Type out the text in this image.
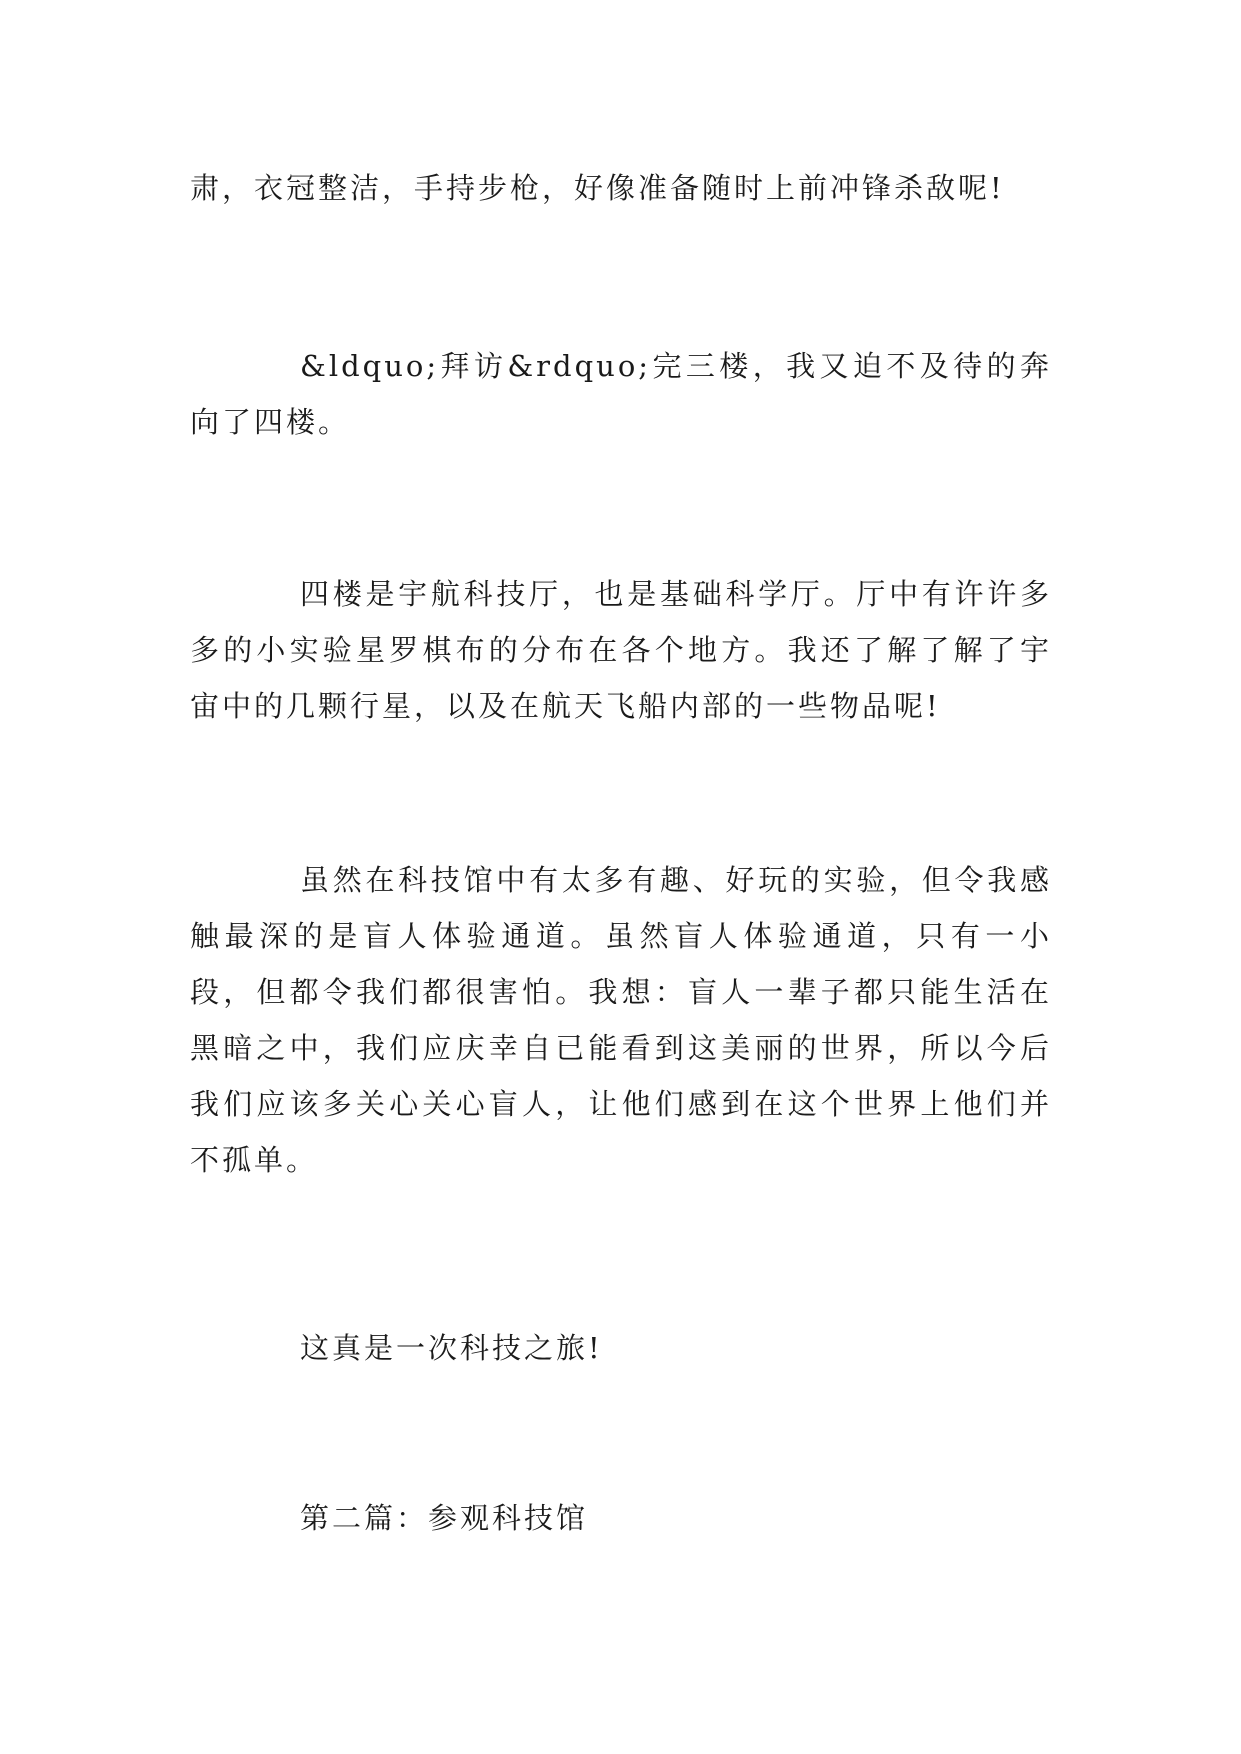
肃，衣冠整洁，手持步枪，好像准备随时上前冲锋杀敌呢!

&ldquo;拜访&rdquo;完三楼，我又迫不及待的奔向了四楼。

四楼是宇航科技厅，也是基础科学厅。厅中有许许多多的小实验星罗棋布的分布在各个地方。我还了解了解了宇宙中的几颗行星，以及在航天飞船内部的一些物品呢!

虽然在科技馆中有太多有趣、好玩的实验，但令我感触最深的是盲人体验通道。虽然盲人体验通道，只有一小段，但都令我们都很害怕。我想：盲人一辈子都只能生活在黑暗之中，我们应庆幸自已能看到这美丽的世界，所以今后我们应该多关心关心盲人，让他们感到在这个世界上他们并不孤单。

这真是一次科技之旅!

第二篇：参观科技馆
